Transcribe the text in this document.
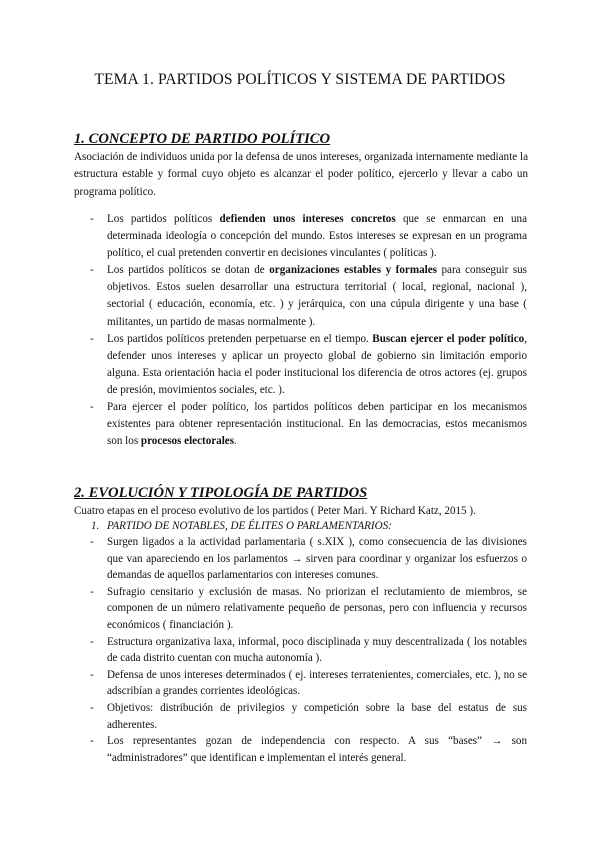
TEMA 1. PARTIDOS POLÍTICOS Y SISTEMA DE PARTIDOS
1. CONCEPTO DE PARTIDO POLÍTICO

Asociación de individuos unida por la defensa de unos intereses, organizada internamente mediante la estructura estable y formal cuyo objeto es alcanzar el poder político, ejercerlo y llevar a cabo un programa político.

- Los partidos políticos defienden unos intereses concretos que se enmarcan en una determinada ideología o concepción del mundo. Estos intereses se expresan en un programa político, el cual pretenden convertir en decisiones vinculantes ( políticas ).
- Los partidos políticos se dotan de organizaciones estables y formales para conseguir sus objetivos. Estos suelen desarrollar una estructura territorial ( local, regional, nacional ), sectorial ( educación, economía, etc. ) y jerárquica, con una cúpula dirigente y una base ( militantes, un partido de masas normalmente ).
- Los partidos políticos pretenden perpetuarse en el tiempo. Buscan ejercer el poder político, defender unos intereses y aplicar un proyecto global de gobierno sin limitación emporio alguna. Esta orientación hacia el poder institucional los diferencia de otros actores (ej. grupos de presión, movimientos sociales, etc. ).
- Para ejercer el poder político, los partidos políticos deben participar en los mecanismos existentes para obtener representación institucional. En las democracias, estos mecanismos son los procesos electorales.
2. EVOLUCIÓN Y TIPOLOGÍA DE PARTIDOS

Cuatro etapas en el proceso evolutivo de los partidos ( Peter Mari. Y Richard Katz, 2015 ).

1. PARTIDO DE NOTABLES, DE ÉLITES O PARLAMENTARIOS:

- Surgen ligados a la actividad parlamentaria ( s.XIX ), como consecuencia de las divisiones que van apareciendo en los parlamentos → sirven para coordinar y organizar los esfuerzos o demandas de aquellos parlamentarios con intereses comunes.
- Sufragio censitario y exclusión de masas. No priorizan el reclutamiento de miembros, se componen de un número relativamente pequeño de personas, pero con influencia y recursos económicos ( financiación ).
- Estructura organizativa laxa, informal, poco disciplinada y muy descentralizada ( los notables de cada distrito cuentan con mucha autonomía ).
- Defensa de unos intereses determinados ( ej. intereses terratenientes, comerciales, etc. ), no se adscribían a grandes corrientes ideológicas.
- Objetivos: distribución de privilegios y competición sobre la base del estatus de sus adherentes.
- Los representantes gozan de independencia con respecto. A sus “bases” → son “administradores” que identifican e implementan el interés general.
